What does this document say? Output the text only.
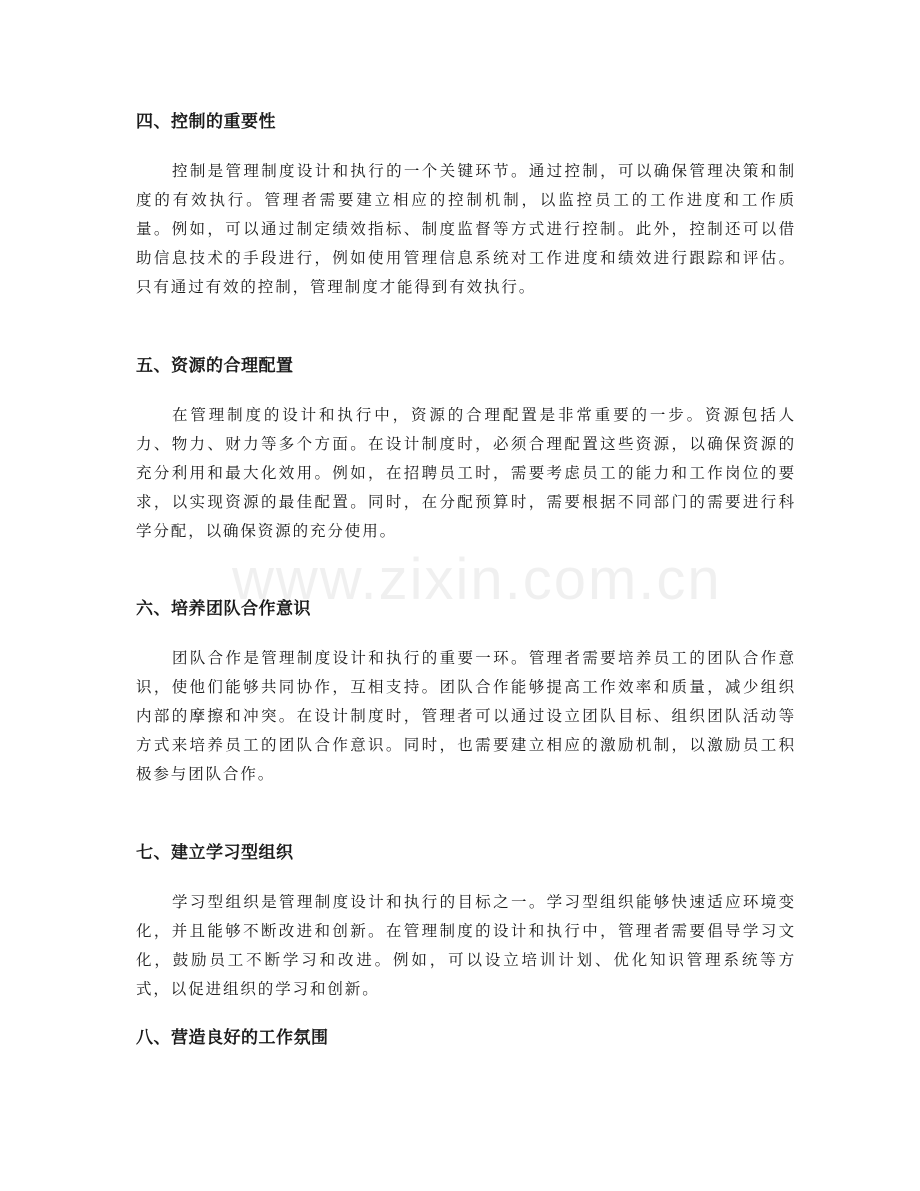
四、控制的重要性

控制是管理制度设计和执行的一个关键环节。通过控制，可以确保管理决策和制度的有效执行。管理者需要建立相应的控制机制，以监控员工的工作进度和工作质量。例如，可以通过制定绩效指标、制度监督等方式进行控制。此外，控制还可以借助信息技术的手段进行，例如使用管理信息系统对工作进度和绩效进行跟踪和评估。只有通过有效的控制，管理制度才能得到有效执行。

五、资源的合理配置

在管理制度的设计和执行中，资源的合理配置是非常重要的一步。资源包括人力、物力、财力等多个方面。在设计制度时，必须合理配置这些资源，以确保资源的充分利用和最大化效用。例如，在招聘员工时，需要考虑员工的能力和工作岗位的要求，以实现资源的最佳配置。同时，在分配预算时，需要根据不同部门的需要进行科学分配，以确保资源的充分使用。

六、培养团队合作意识

团队合作是管理制度设计和执行的重要一环。管理者需要培养员工的团队合作意识，使他们能够共同协作，互相支持。团队合作能够提高工作效率和质量，减少组织内部的摩擦和冲突。在设计制度时，管理者可以通过设立团队目标、组织团队活动等方式来培养员工的团队合作意识。同时，也需要建立相应的激励机制，以激励员工积极参与团队合作。

七、建立学习型组织

学习型组织是管理制度设计和执行的目标之一。学习型组织能够快速适应环境变化，并且能够不断改进和创新。在管理制度的设计和执行中，管理者需要倡导学习文化，鼓励员工不断学习和改进。例如，可以设立培训计划、优化知识管理系统等方式，以促进组织的学习和创新。

八、营造良好的工作氛围
www.zixin.com.cn
